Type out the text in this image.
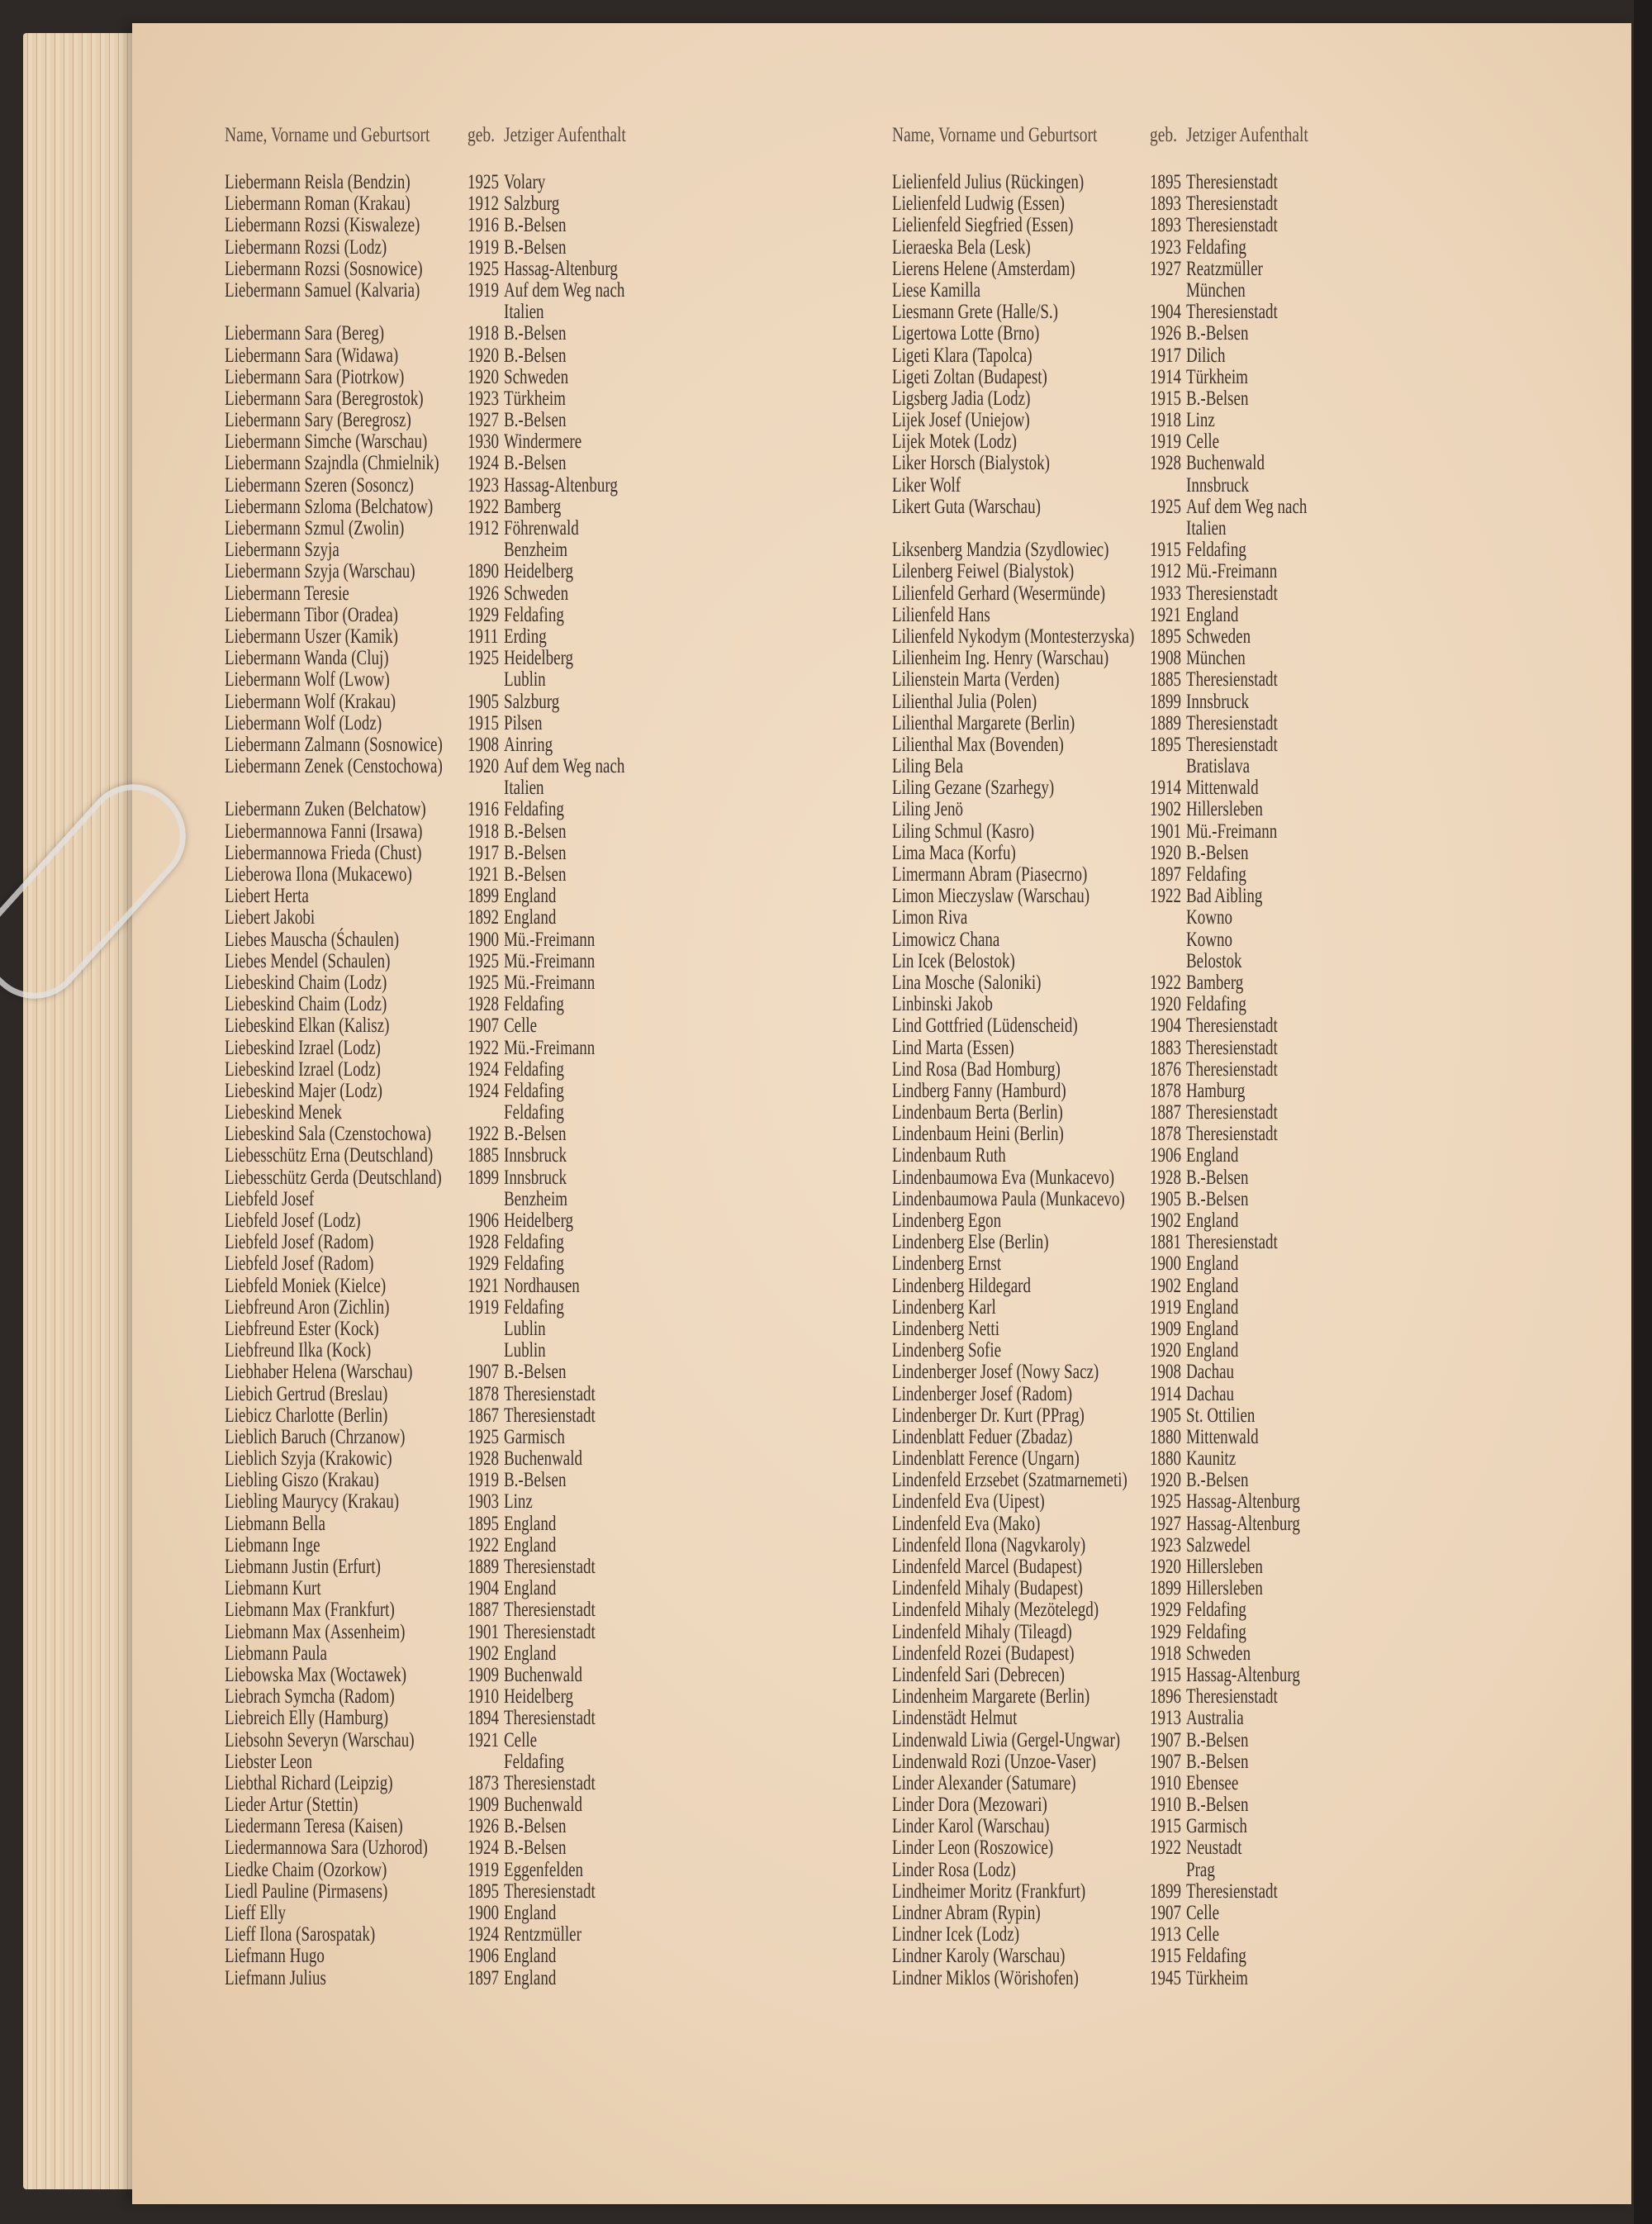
Name, Vorname und Geburtsort geb. Jetziger Aufenthalt	Name, Vorname und Geburtsort	geb. Jetziger Aufenthalt
Liebermann Reisla (Bendzin)	1925 Volary
Liebermann Roman (Krakau)	1912 Salzburg
Liebermann Rozsi (Kiswaleze) 1916 B.-Belsen
Liebermann Rozsi (Lodz)	1919 B.-Belsen
Liebermann Rozsi (Sosnowice) 1925 Hassag-Altenburg
Liebermann Samuel (Kalvaria) 1919 Auf dem Weg nach
Italien
Liebermann Sara (Bereg)	1918 B.-Belsen
Liebermann Sara (Widawa)	1920 B.-Belsen
Liebermann Sara (Piotrkow)	1920 Schweden
Liebermann Sara (Beregrostok) 1923 Türkheim
Liebermann Sary (Beregrosz)	1927 B.-Belsen
Liebermann Simche (Warschau) 1930 Windermere
Liebermann Szajndla (Chmielnik) 1924 B.-Belsen
Liebermann Szeren (Sosoncz)	1923 Hassag-Altenburg
Liebermann Szloma (Belchatow) 1922 Bamberg
Liebermann Szmul (Zwolin)	1912 Föhrenwald
Liebermann Szyja	Benzheim
Liebermann Szyja (Warschau)	1890 Heidelberg
Liebermann Teresie	1926 Schweden
Liebermann Tibor (Oradea)	1929 Feldafing
Liebermann Uszer (Kamik)	1911 Erding
Liebermann Wanda (Cluj)	1925 Heidelberg
Liebermann Wolf (Lwow)	Lublin
Liebermann Wolf (Krakau)	1905 Salzburg
Liebermann Wolf (Lodz)	1915 Pilsen
Liebermann Zalmann (Sosnowice) 1908 Ainring
Liebermann Zenek (Censtochowa) 1920 Auf dem Weg nach
Italien
Liebermann Zuken (Belchatow) 1916 Feldafing
Liebermannowa Fanni (Irsawa) 1918 B.-Belsen
Liebermannowa Frieda (Chust) 1917 B.-Belsen
Lieberowa Ilona (Mukacewo)	1921 B.-Belsen
Liebert Herta	1899 England
Liebert Jakobi	1892 England
Liebes Mauscha (Śchaulen)	1900 Mü.-Freimann
Liebes Mendel (Schaulen)	1925 Mü.-Freimann
Liebeskind Chaim (Lodz)	1925 Mü.-Freimann
Liebeskind Chaim (Lodz)	1928 Feldafing
Liebeskind Elkan (Kalisz)	1907 Celle
Liebeskind Izrael (Lodz)	1922 Mü.-Freimann
Liebeskind Izrael (Lodz)	1924 Feldafing
Liebeskind Majer (Lodz)	1924 Feldafing
Liebeskind Menek	Feldafing
Liebeskind Sala (Czenstochowa) 1922 B.-Belsen
Liebesschütz Erna (Deutschland) 1885 Innsbruck
Liebesschütz Gerda (Deutschland) 1899 Innsbruck
Liebfeld Josef	Benzheim
Liebfeld Josef (Lodz)	1906 Heidelberg
Liebfeld Josef (Radom)	1928 Feldafing
Liebfeld Josef (Radom)	1929 Feldafing
Liebfeld Moniek (Kielce)	1921 Nordhausen
Liebfreund Aron (Zichlin)	1919 Feldafing
Liebfreund Ester (Kock)	Lublin
Liebfreund Ilka (Kock)	Lublin
Liebhaber Helena (Warschau)	1907 B.-Belsen
Liebich Gertrud (Breslau)	1878 Theresienstadt
Liebicz Charlotte (Berlin)	1867 Theresienstadt
Lieblich Baruch (Chrzanow)	1925 Garmisch
Lieblich Szyja (Krakowic)	1928 Buchenwald
Liebling Giszo (Krakau)	1919 B.-Belsen
Liebling Maurycy (Krakau)	1903 Linz
Liebmann Bella	1895 England
Liebmann Inge	1922 England
Liebmann Justin (Erfurt)	1889 Theresienstadt
Liebmann Kurt	1904 England
Liebmann Max (Frankfurt)	1887 Theresienstadt
Liebmann Max (Assenheim)	1901 Theresienstadt
Liebmann Paula	1902 England
Liebowska Max (Woctawek)	1909 Buchenwald
Liebrach Symcha (Radom)	1910 Heidelberg
Liebreich Elly (Hamburg)	1894 Theresienstadt
Liebsohn Severyn (Warschau)	1921 Celle
Liebster Leon	Feldafing
Liebthal Richard (Leipzig)	1873 Theresienstadt
Lieder Artur (Stettin)	1909 Buchenwald
Liedermann Teresa (Kaisen)	1926 B.-Belsen
Liedermannowa Sara (Uzhorod) 1924 B.-Belsen
Liedke Chaim (Ozorkow)	1919 Eggenfelden
Liedl Pauline (Pirmasens)	1895 Theresienstadt
Lieff Elly	1900 England
Lieff Ilona (Sarospatak)	1924 Rentzmüller
Liefmann Hugo	1906 England
Liefmann Julius	1897 England
Lielienfeld Julius (Rückingen)	1895 Theresienstadt
Lielienfeld Ludwig (Essen)	1893 Theresienstadt
Lielienfeld Siegfried (Essen)	1893 Theresienstadt
Lieraeska Bela (Lesk)	1923 Feldafing
Lierens Helene (Amsterdam)	1927 Reatzmüller
Liese Kamilla	München
Liesmann Grete (Halle/S.)	1904 Theresienstadt
Ligertowa Lotte (Brno)	1926 B.-Belsen
Ligeti Klara (Tapolca)	1917 Dilich
Ligeti Zoltan (Budapest)	1914 Türkheim
Ligsberg Jadia (Lodz)	1915 B.-Belsen
Lijek Josef (Uniejow)	1918 Linz
Lijek Motek (Lodz)	1919 Celle
Liker Horsch (Bialystok)	1928 Buchenwald
Liker Wolf	Innsbruck
Likert Guta (Warschau)	1925 Auf dem Weg nach
Italien
Liksenberg Mandzia (Szydlowiec) 1915 Feldafing
Lilenberg Feiwel (Bialystok)	1912 Mü.-Freimann
Lilienfeld Gerhard (Wesermünde) 1933 Theresienstadt
Lilienfeld Hans	1921 England
Lilienfeld Nykodym (Montesterzyska) 1895 Schweden
Lilienheim Ing. Henry (Warschau) 1908 München
Lilienstein Marta (Verden)	1885 Theresienstadt
Lilienthal Julia (Polen)	1899 Innsbruck
Lilienthal Margarete (Berlin)	1889 Theresienstadt
Lilienthal Max (Bovenden)	1895 Theresienstadt
Liling Bela	Bratislava
Liling Gezane (Szarhegy)	1914 Mittenwald
Liling Jenö	1902 Hillersleben
Liling Schmul (Kasro)	1901 Mü.-Freimann
Lima Maca (Korfu)	1920 B.-Belsen
Limermann Abram (Piasecrno)	1897 Feldafing
Limon Mieczyslaw (Warschau)	1922 Bad Aibling
Limon Riva	Kowno
Limowicz Chana	Kowno
Lin Icek (Belostok)	Belostok
Lina Mosche (Saloniki)	1922 Bamberg
Linbinski Jakob	1920 Feldafing
Lind Gottfried (Lüdenscheid)	1904 Theresienstadt
Lind Marta (Essen)	1883 Theresienstadt
Lind Rosa (Bad Homburg)	1876 Theresienstadt
Lindberg Fanny (Hamburd)	1878 Hamburg
Lindenbaum Berta (Berlin)	1887 Theresienstadt
Lindenbaum Heini (Berlin)	1878 Theresienstadt
Lindenbaum Ruth	1906 England
Lindenbaumowa Eva (Munkacevo) 1928 B.-Belsen
Lindenbaumowa Paula (Munkacevo) 1905 B.-Belsen
Lindenberg Egon	1902 England
Lindenberg Else (Berlin)	1881 Theresienstadt
Lindenberg Ernst	1900 England
Lindenberg Hildegard	1902 England
Lindenberg Karl	1919 England
Lindenberg Netti	1909 England
Lindenberg Sofie	1920 England
Lindenberger Josef (Nowy Sacz) 1908 Dachau
Lindenberger Josef (Radom)	1914 Dachau
Lindenberger Dr. Kurt (PPrag)	1905 St. Ottilien
Lindenblatt Feduer (Zbadaz)	1880 Mittenwald
Lindenblatt Ference (Ungarn)	1880 Kaunitz
Lindenfeld Erzsebet (Szatmarnemeti) 1920 B.-Belsen
Lindenfeld Eva (Uipest)	1925 Hassag-Altenburg
Lindenfeld Eva (Mako)	1927 Hassag-Altenburg
Lindenfeld Ilona (Nagvkaroly)	1923 Salzwedel
Lindenfeld Marcel (Budapest)	1920 Hillersleben
Lindenfeld Mihaly (Budapest)	1899 Hillersleben
Lindenfeld Mihaly (Mezötelegd) 1929 Feldafing
Lindenfeld Mihaly (Tileagd)	1929 Feldafing
Lindenfeld Rozei (Budapest)	1918 Schweden
Lindenfeld Sari (Debrecen)	1915 Hassag-Altenburg
Lindenheim Margarete (Berlin)	1896 Theresienstadt
Lindenstädt Helmut	1913 Australia
Lindenwald Liwia (Gergel-Ungwar) 1907 B.-Belsen
Lindenwald Rozi (Unzoe-Vaser)	1907 B.-Belsen
Linder Alexander (Satumare)	1910 Ebensee
Linder Dora (Mezowari)	1910 B.-Belsen
Linder Karol (Warschau)	1915 Garmisch
Linder Leon (Roszowice)	1922 Neustadt
Linder Rosa (Lodz)	Prag
Lindheimer Moritz (Frankfurt)	1899 Theresienstadt
Lindner Abram (Rypin)	1907 Celle
Lindner Icek (Lodz)	1913 Celle
Lindner Karoly (Warschau)	1915 Feldafing
Lindner Miklos (Wörishofen)	1945 Türkheim
